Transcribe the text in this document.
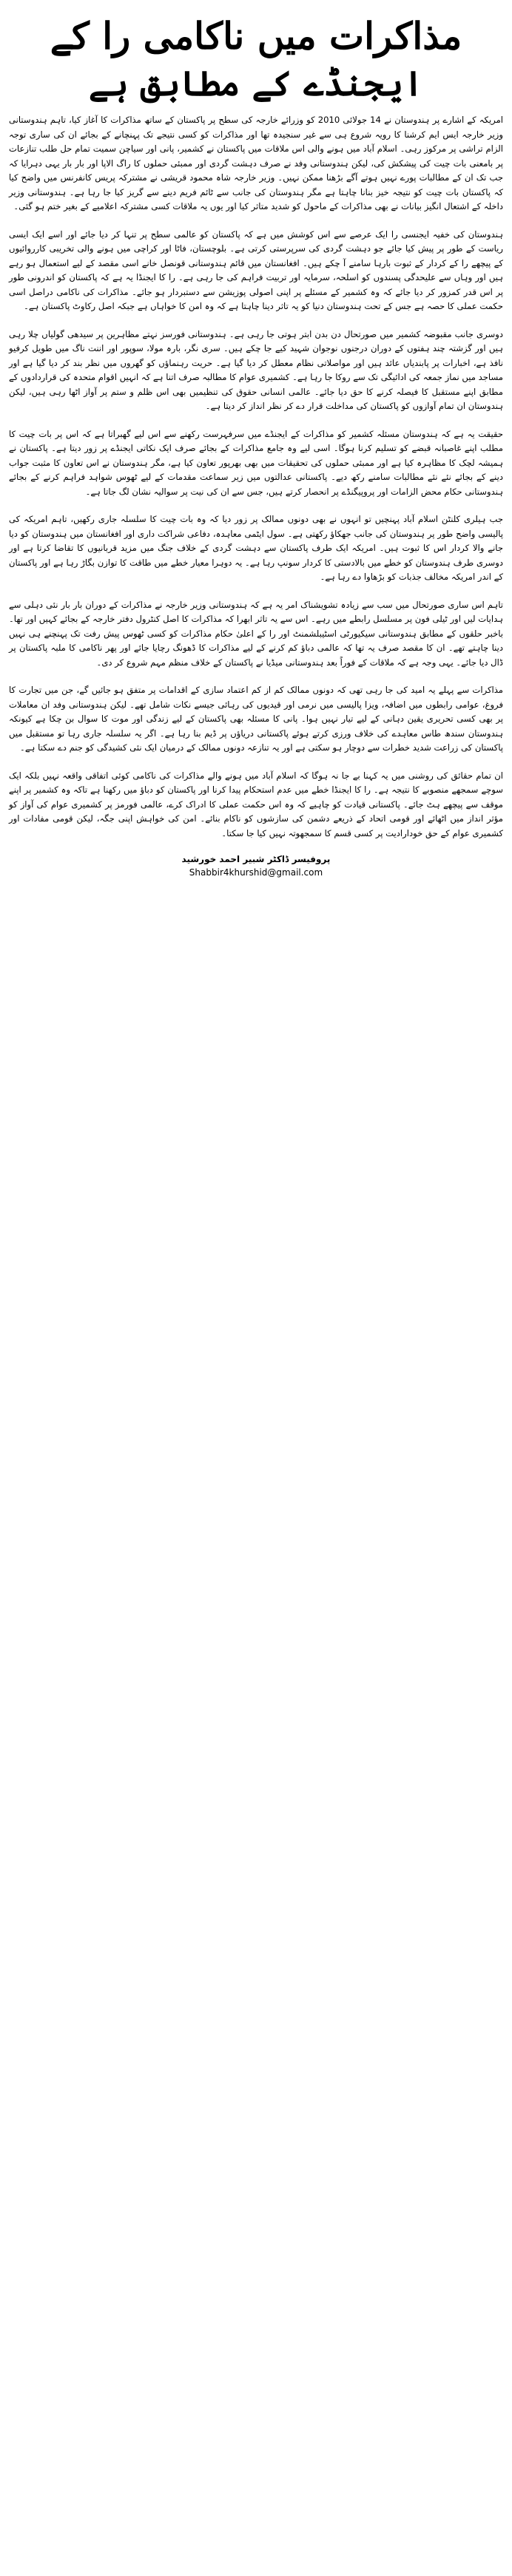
مذاکرات میں ناکامی را کے
ایجنڈے کے مطابق ہے

امریکہ کے اشارے پر ہندوستان نے 14 جولائی 2010 کو وزرائے خارجہ کی سطح پر پاکستان کے ساتھ مذاکرات کا آغاز کیا، تاہم ہندوستانی وزیر خارجہ ایس ایم کرشنا کا رویہ شروع ہی سے غیر سنجیدہ تھا اور مذاکرات کو کسی نتیجے تک پہنچانے کے بجائے ان کی ساری توجہ الزام تراشی پر مرکوز رہی۔ اسلام آباد میں ہونے والی اس ملاقات میں پاکستان نے کشمیر، پانی اور سیاچن سمیت تمام حل طلب تنازعات پر بامعنی بات چیت کی پیشکش کی، لیکن ہندوستانی وفد نے صرف دہشت گردی اور ممبئی حملوں کا راگ الاپا اور بار بار یہی دہرایا کہ جب تک ان کے مطالبات پورے نہیں ہوتے آگے بڑھنا ممکن نہیں۔ وزیر خارجہ شاہ محمود قریشی نے مشترکہ پریس کانفرنس میں واضح کیا کہ پاکستان بات چیت کو نتیجہ خیز بنانا چاہتا ہے مگر ہندوستان کی جانب سے ٹائم فریم دینے سے گریز کیا جا رہا ہے۔ ہندوستانی وزیر داخلہ کے اشتعال انگیز بیانات نے بھی مذاکرات کے ماحول کو شدید متاثر کیا اور یوں یہ ملاقات کسی مشترکہ اعلامیے کے بغیر ختم ہو گئی۔

ہندوستان کی خفیہ ایجنسی را ایک عرصے سے اس کوشش میں ہے کہ پاکستان کو عالمی سطح پر تنہا کر دیا جائے اور اسے ایک ایسی ریاست کے طور پر پیش کیا جائے جو دہشت گردی کی سرپرستی کرتی ہے۔ بلوچستان، فاٹا اور کراچی میں ہونے والی تخریبی کارروائیوں کے پیچھے را کے کردار کے ثبوت بارہا سامنے آ چکے ہیں۔ افغانستان میں قائم ہندوستانی قونصل خانے اسی مقصد کے لیے استعمال ہو رہے ہیں اور وہاں سے علیحدگی پسندوں کو اسلحہ، سرمایہ اور تربیت فراہم کی جا رہی ہے۔ را کا ایجنڈا یہ ہے کہ پاکستان کو اندرونی طور پر اس قدر کمزور کر دیا جائے کہ وہ کشمیر کے مسئلے پر اپنی اصولی پوزیشن سے دستبردار ہو جائے۔ مذاکرات کی ناکامی دراصل اسی حکمت عملی کا حصہ ہے جس کے تحت ہندوستان دنیا کو یہ تاثر دینا چاہتا ہے کہ وہ امن کا خواہاں ہے جبکہ اصل رکاوٹ پاکستان ہے۔

دوسری جانب مقبوضہ کشمیر میں صورتحال دن بدن ابتر ہوتی جا رہی ہے۔ ہندوستانی فورسز نہتے مظاہرین پر سیدھی گولیاں چلا رہی ہیں اور گزشتہ چند ہفتوں کے دوران درجنوں نوجوان شہید کیے جا چکے ہیں۔ سری نگر، بارہ مولا، سوپور اور اننت ناگ میں طویل کرفیو نافذ ہے، اخبارات پر پابندیاں عائد ہیں اور مواصلاتی نظام معطل کر دیا گیا ہے۔ حریت رہنماؤں کو گھروں میں نظر بند کر دیا گیا ہے اور مساجد میں نماز جمعہ کی ادائیگی تک سے روکا جا رہا ہے۔ کشمیری عوام کا مطالبہ صرف اتنا ہے کہ انہیں اقوام متحدہ کی قراردادوں کے مطابق اپنے مستقبل کا فیصلہ کرنے کا حق دیا جائے۔ عالمی انسانی حقوق کی تنظیمیں بھی اس ظلم و ستم پر آواز اٹھا رہی ہیں، لیکن ہندوستان ان تمام آوازوں کو پاکستان کی مداخلت قرار دے کر نظر انداز کر دیتا ہے۔

حقیقت یہ ہے کہ ہندوستان مسئلہ کشمیر کو مذاکرات کے ایجنڈے میں سرفہرست رکھنے سے اس لیے گھبراتا ہے کہ اس پر بات چیت کا مطلب اپنے غاصبانہ قبضے کو تسلیم کرنا ہوگا۔ اسی لیے وہ جامع مذاکرات کے بجائے صرف ایک نکاتی ایجنڈے پر زور دیتا ہے۔ پاکستان نے ہمیشہ لچک کا مظاہرہ کیا ہے اور ممبئی حملوں کی تحقیقات میں بھی بھرپور تعاون کیا ہے، مگر ہندوستان نے اس تعاون کا مثبت جواب دینے کے بجائے نئے نئے مطالبات سامنے رکھ دیے۔ پاکستانی عدالتوں میں زیر سماعت مقدمات کے لیے ٹھوس شواہد فراہم کرنے کے بجائے ہندوستانی حکام محض الزامات اور پروپیگنڈے پر انحصار کرتے ہیں، جس سے ان کی نیت پر سوالیہ نشان لگ جاتا ہے۔

جب ہیلری کلنٹن اسلام آباد پہنچیں تو انہوں نے بھی دونوں ممالک پر زور دیا کہ وہ بات چیت کا سلسلہ جاری رکھیں، تاہم امریکہ کی پالیسی واضح طور پر ہندوستان کی جانب جھکاؤ رکھتی ہے۔ سول ایٹمی معاہدہ، دفاعی شراکت داری اور افغانستان میں ہندوستان کو دیا جانے والا کردار اس کا ثبوت ہیں۔ امریکہ ایک طرف پاکستان سے دہشت گردی کے خلاف جنگ میں مزید قربانیوں کا تقاضا کرتا ہے اور دوسری طرف ہندوستان کو خطے میں بالادستی کا کردار سونپ رہا ہے۔ یہ دوہرا معیار خطے میں طاقت کا توازن بگاڑ رہا ہے اور پاکستان کے اندر امریکہ مخالف جذبات کو بڑھاوا دے رہا ہے۔

تاہم اس ساری صورتحال میں سب سے زیادہ تشویشناک امر یہ ہے کہ ہندوستانی وزیر خارجہ نے مذاکرات کے دوران بار بار نئی دہلی سے ہدایات لیں اور ٹیلی فون پر مسلسل رابطے میں رہے۔ اس سے یہ تاثر ابھرا کہ مذاکرات کا اصل کنٹرول دفتر خارجہ کے بجائے کہیں اور تھا۔ باخبر حلقوں کے مطابق ہندوستانی سیکیورٹی اسٹیبلشمنٹ اور را کے اعلیٰ حکام مذاکرات کو کسی ٹھوس پیش رفت تک پہنچنے ہی نہیں دینا چاہتے تھے۔ ان کا مقصد صرف یہ تھا کہ عالمی دباؤ کم کرنے کے لیے مذاکرات کا ڈھونگ رچایا جائے اور پھر ناکامی کا ملبہ پاکستان پر ڈال دیا جائے۔ یہی وجہ ہے کہ ملاقات کے فوراً بعد ہندوستانی میڈیا نے پاکستان کے خلاف منظم مہم شروع کر دی۔

مذاکرات سے پہلے یہ امید کی جا رہی تھی کہ دونوں ممالک کم از کم اعتماد سازی کے اقدامات پر متفق ہو جائیں گے، جن میں تجارت کا فروغ، عوامی رابطوں میں اضافہ، ویزا پالیسی میں نرمی اور قیدیوں کی رہائی جیسے نکات شامل تھے۔ لیکن ہندوستانی وفد ان معاملات پر بھی کسی تحریری یقین دہانی کے لیے تیار نہیں ہوا۔ پانی کا مسئلہ بھی پاکستان کے لیے زندگی اور موت کا سوال بن چکا ہے کیونکہ ہندوستان سندھ طاس معاہدے کی خلاف ورزی کرتے ہوئے پاکستانی دریاؤں پر ڈیم بنا رہا ہے۔ اگر یہ سلسلہ جاری رہا تو مستقبل میں پاکستان کی زراعت شدید خطرات سے دوچار ہو سکتی ہے اور یہ تنازعہ دونوں ممالک کے درمیان ایک نئی کشیدگی کو جنم دے سکتا ہے۔

ان تمام حقائق کی روشنی میں یہ کہنا بے جا نہ ہوگا کہ اسلام آباد میں ہونے والے مذاکرات کی ناکامی کوئی اتفاقی واقعہ نہیں بلکہ ایک سوچے سمجھے منصوبے کا نتیجہ ہے۔ را کا ایجنڈا خطے میں عدم استحکام پیدا کرنا اور پاکستان کو دباؤ میں رکھنا ہے تاکہ وہ کشمیر پر اپنے موقف سے پیچھے ہٹ جائے۔ پاکستانی قیادت کو چاہیے کہ وہ اس حکمت عملی کا ادراک کرے، عالمی فورمز پر کشمیری عوام کی آواز کو مؤثر انداز میں اٹھائے اور قومی اتحاد کے ذریعے دشمن کی سازشوں کو ناکام بنائے۔ امن کی خواہش اپنی جگہ، لیکن قومی مفادات اور کشمیری عوام کے حق خودارادیت پر کسی قسم کا سمجھوتہ نہیں کیا جا سکتا۔

پروفیسر ڈاکٹر شبیر احمد خورشید
Shabbir4khurshid@gmail.com
